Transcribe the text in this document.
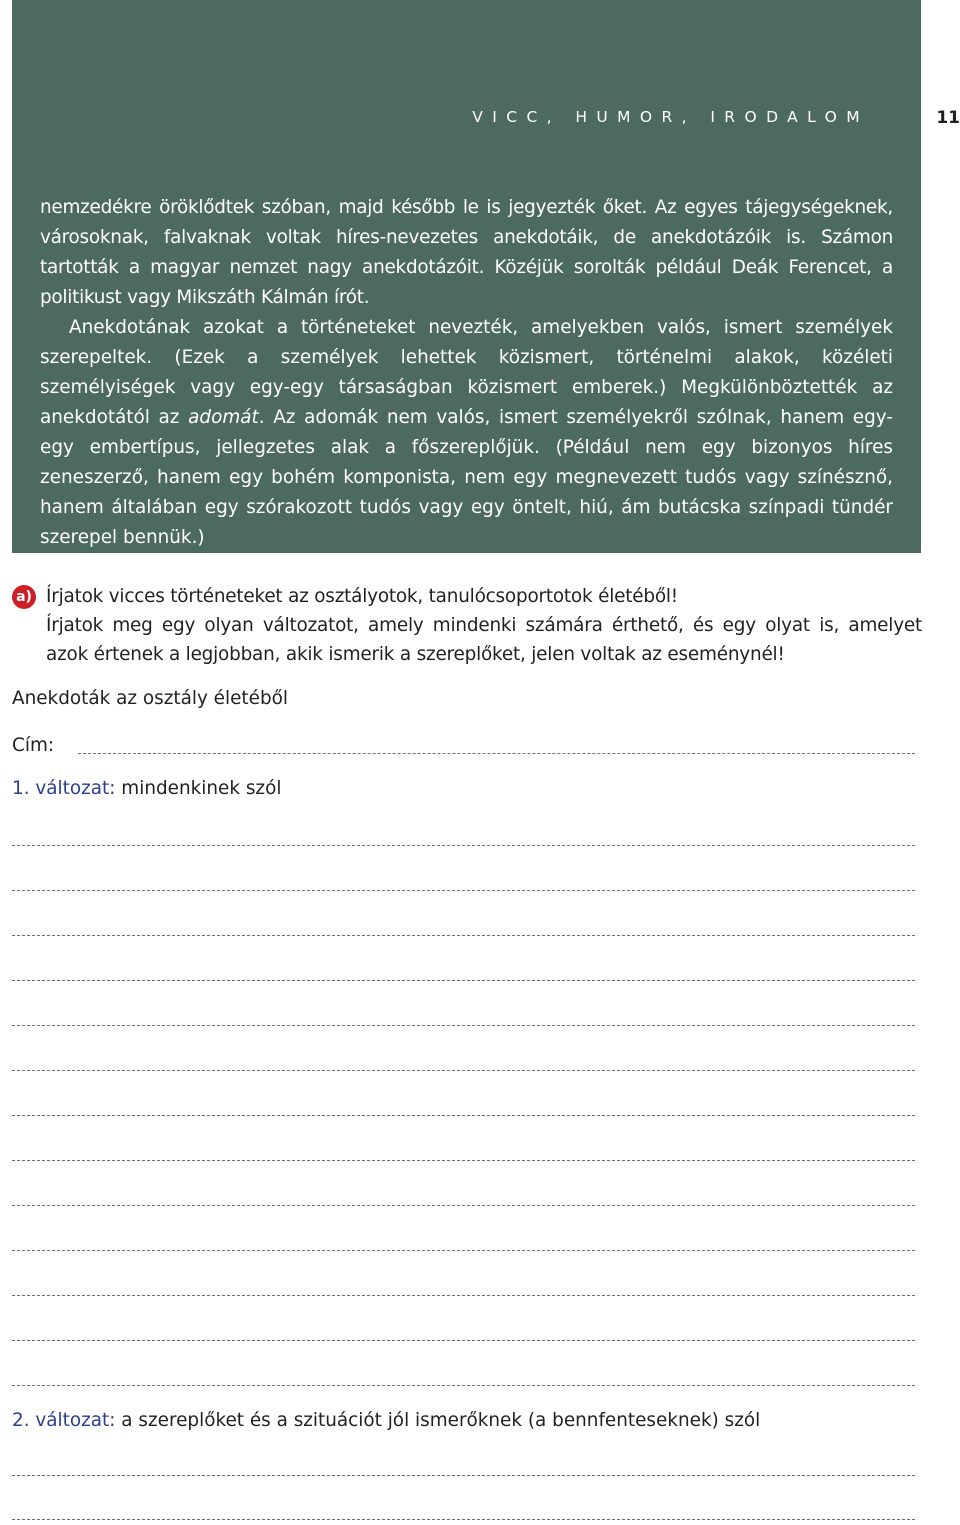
VICC, HUMOR, IRODALOM

nemzedékre öröklődtek szóban, majd később le is jegyezték őket. Az egyes tájegységeknek, városoknak, falvaknak voltak híres-nevezetes anekdotáik, de anekdotázóik is. Számon tartották a magyar nemzet nagy anekdotázóit. Közéjük sorolták például Deák Ferencet, a politikust vagy Mikszáth Kálmán írót.

Anekdotának azokat a történeteket nevezték, amelyekben valós, ismert személyek szerepeltek. (Ezek a személyek lehettek közismert, történelmi alakok, közéleti személyiségek vagy egy-egy társaságban közismert emberek.) Megkülönböztették az anekdotától az adomát. Az adomák nem valós, ismert személyekről szólnak, hanem egy-egy embertípus, jellegzetes alak a főszereplőjük. (Például nem egy bizonyos híres zeneszerző, hanem egy bohém komponista, nem egy megnevezett tudós vagy színésznő, hanem általában egy szórakozott tudós vagy egy öntelt, hiú, ám butácska színpadi tündér szerepel bennük.)

11
a) Írjatok vicces történeteket az osztályotok, tanulócsoportotok életéből!

Írjatok meg egy olyan változatot, amely mindenki számára érthető, és egy olyat is, amelyet azok értenek a legjobban, akik ismerik a szereplőket, jelen voltak az eseménynél!

Anekdoták az osztály életéből
Cím:
1. változat: mindenkinek szól
2. változat: a szereplőket és a szituációt jól ismerőknek (a bennfenteseknek) szól
